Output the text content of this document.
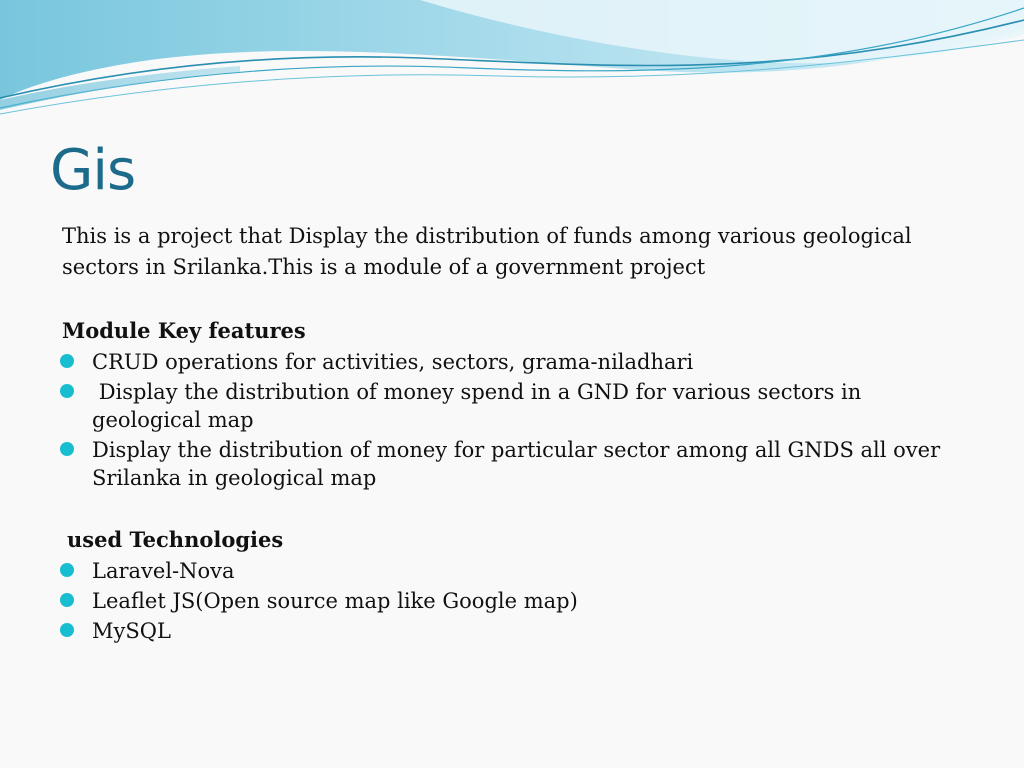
Gis

This is a project that Display the distribution of funds among various geological sectors in Srilanka.This is a module of a government project

Module Key features

CRUD operations for activities, sectors, grama-niladhari
Display the distribution of money spend in a GND for various sectors in geological map
Display the distribution of money for particular sector among all GNDS all over Srilanka in geological map

used Technologies

Laravel-Nova
Leaflet JS(Open source map like Google map)
MySQL
